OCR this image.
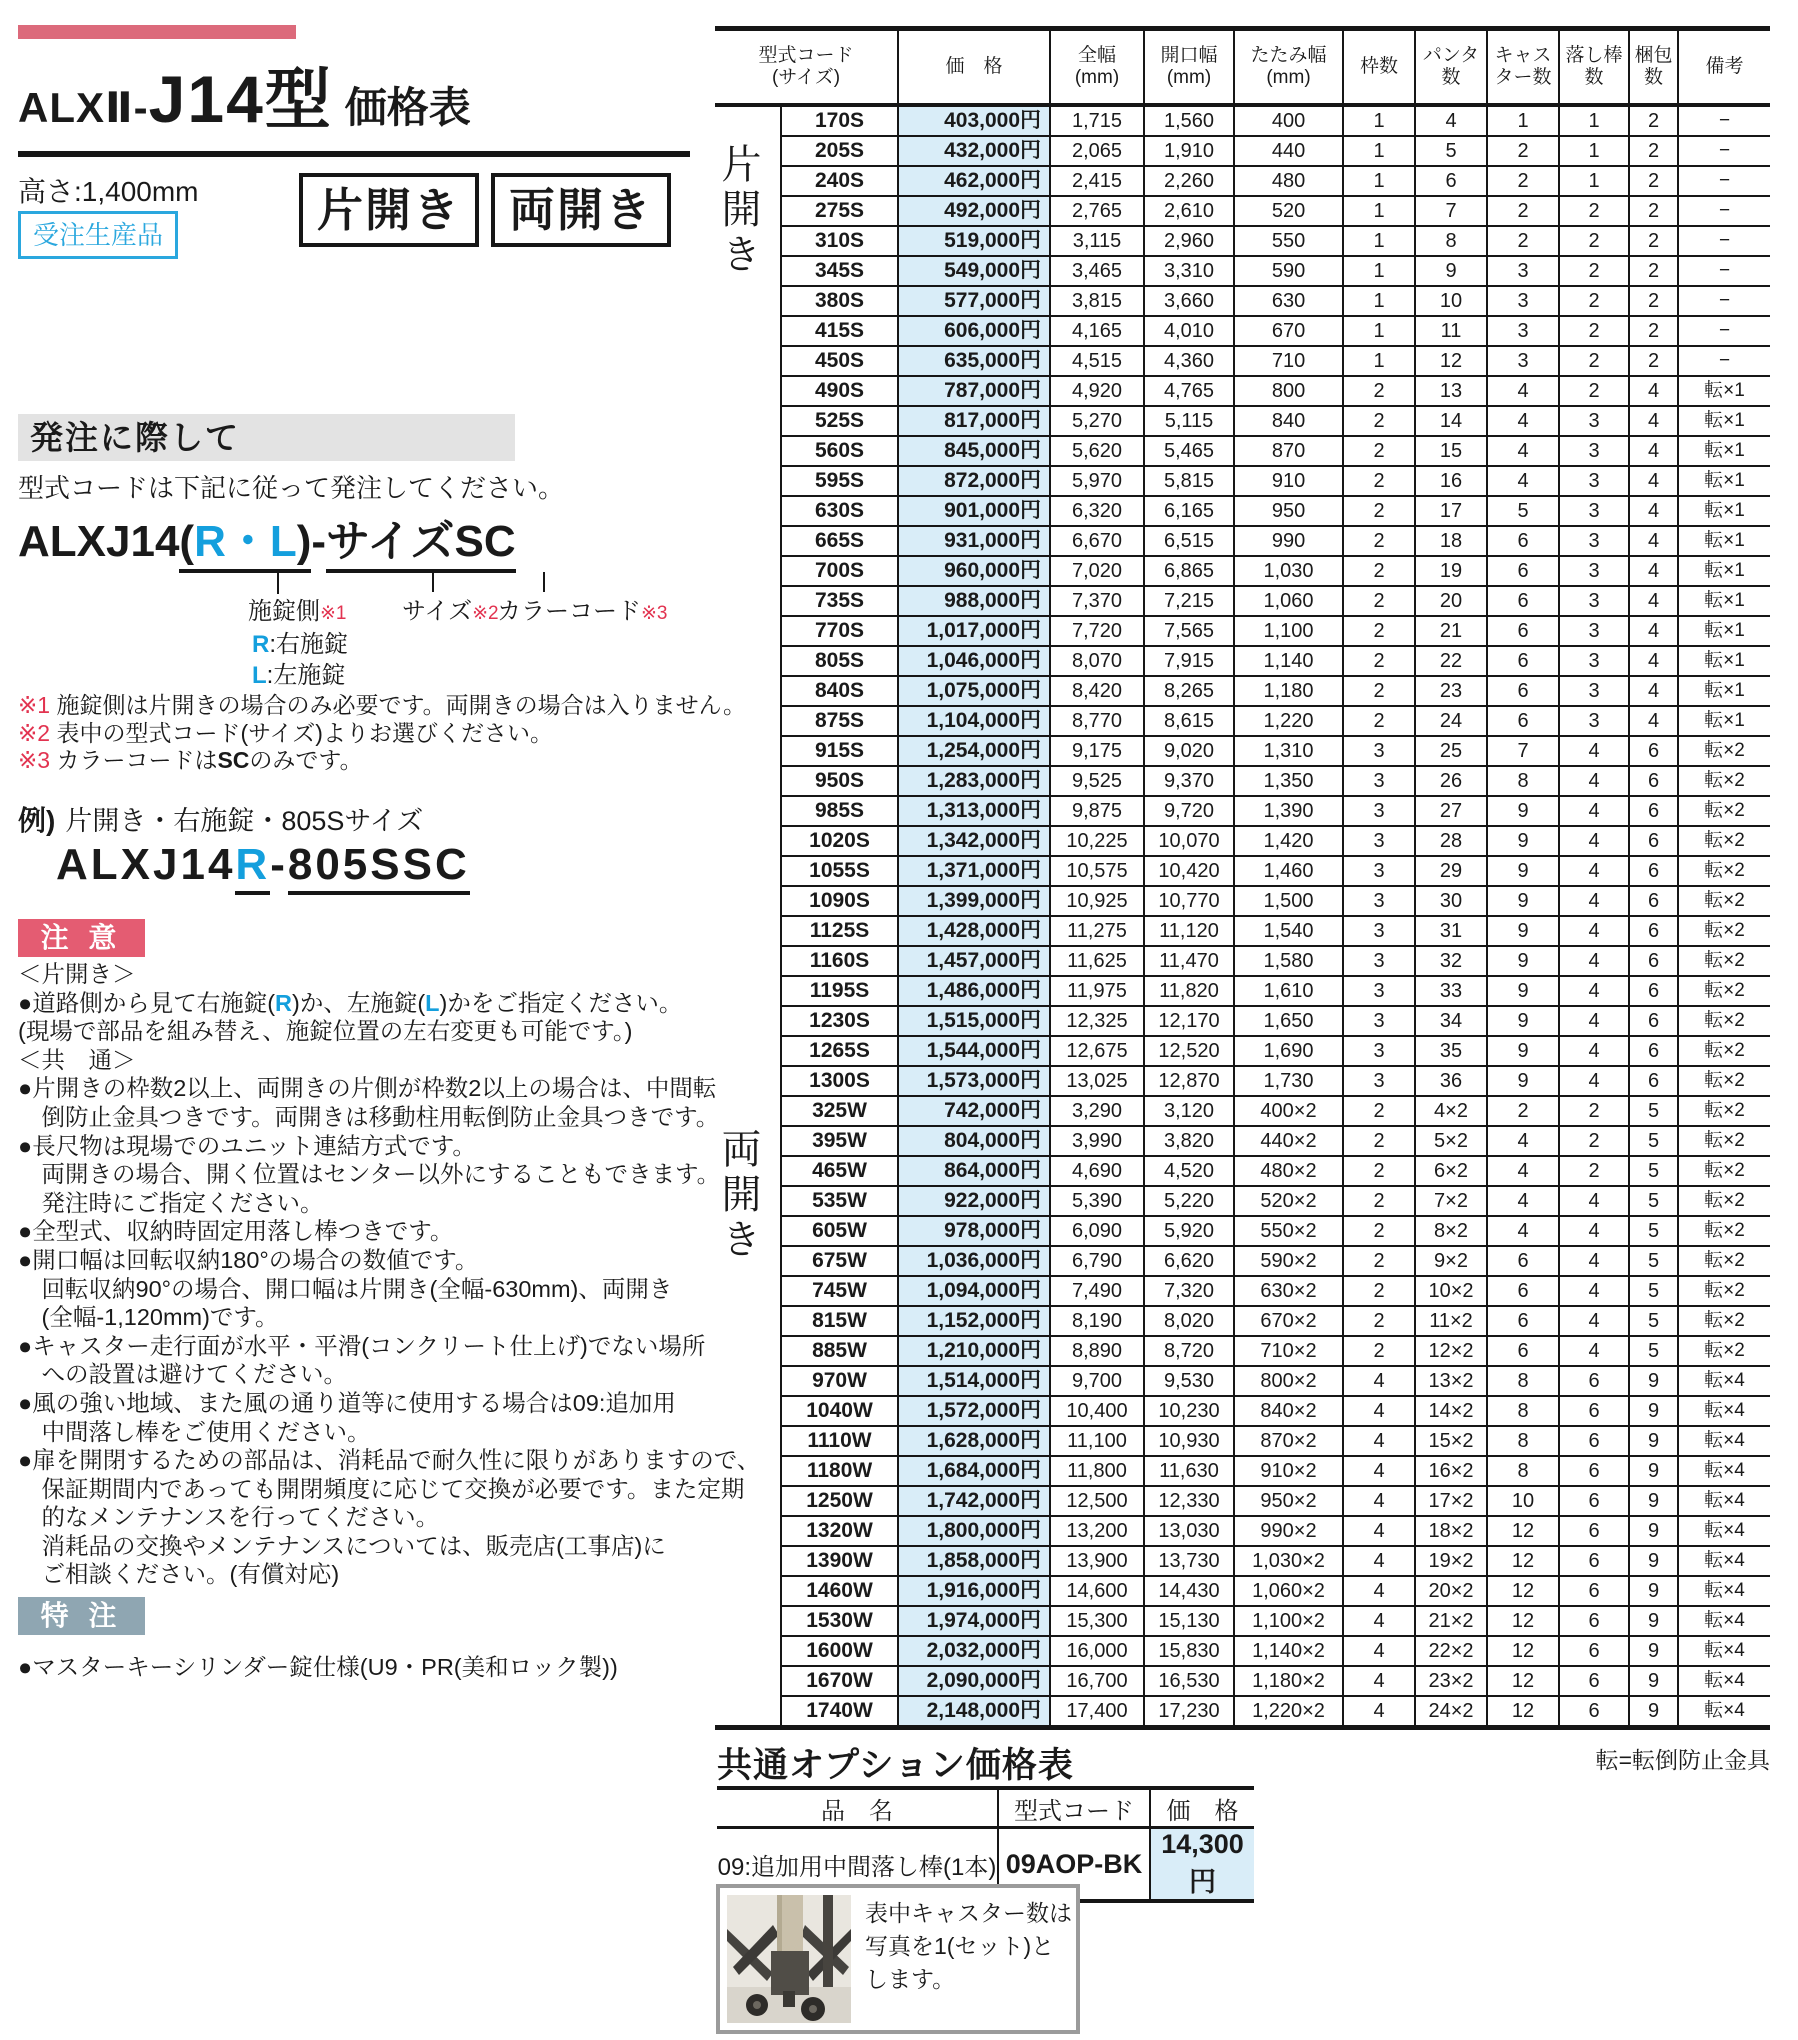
ALXⅡ- J14型 価格表
高さ:1,400mm
受注生産品	片開き	両開き
発注に際して
型式コードは下記に従って発注してください。
ALXJ14(R・L)-サイズSC
施錠側※1
R:右施錠
L:左施錠
サイズ※2
カラーコード※3
※1 施錠側は片開きの場合のみ必要です。両開きの場合は入りません。
※2 表中の型式コード(サイズ)よりお選びください。
※3 カラーコードはSCのみです。
例) 片開き・右施錠・805Sサイズ
ALXJ14R-805SSC
注 意
＜片開き＞
●道路側から見て右施錠(R)か、左施錠(L)かをご指定ください。
(現場で部品を組み替え、施錠位置の左右変更も可能です。)
＜共　通＞
●片開きの枠数2以上、両開きの片側が枠数2以上の場合は、中間転
　倒防止金具つきです。両開きは移動柱用転倒防止金具つきです。
●長尺物は現場でのユニット連結方式です。
　両開きの場合、開く位置はセンター以外にすることもできます。
　発注時にご指定ください。
●全型式、収納時固定用落し棒つきです。
●開口幅は回転収納180°の場合の数値です。
　回転収納90°の場合、開口幅は片開き(全幅-630mm)、両開き
　(全幅-1,120mm)です。
●キャスター走行面が水平・平滑(コンクリート仕上げ)でない場所
　への設置は避けてください。
●風の強い地域、また風の通り道等に使用する場合は09:追加用
　中間落し棒をご使用ください。
●扉を開閉するための部品は、消耗品で耐久性に限りがありますので、
　保証期間内であっても開閉頻度に応じて交換が必要です。また定期
　的なメンテナンスを行ってください。
　消耗品の交換やメンテナンスについては、販売店(工事店)に
　ご相談ください。(有償対応)
特 注
●マスターキーシリンダー錠仕様(U9・PR(美和ロック製))
片開き
両開き
型式コード
(サイズ)		価　格	全幅
(mm)	開口幅
(mm)	たたみ幅
(mm)	枠数	パンタ
数	キャス
ター数	落し棒
数	梱包
数	備考
	170S	403,000円	1,715	1,560	400	1	4	1	1	2	−
	205S	432,000円	2,065	1,910	440	1	5	2	1	2	−
	240S	462,000円	2,415	2,260	480	1	6	2	1	2	−
	275S	492,000円	2,765	2,610	520	1	7	2	2	2	−
	310S	519,000円	3,115	2,960	550	1	8	2	2	2	−
	345S	549,000円	3,465	3,310	590	1	9	3	2	2	−
	380S	577,000円	3,815	3,660	630	1	10	3	2	2	−
	415S	606,000円	4,165	4,010	670	1	11	3	2	2	−
	450S	635,000円	4,515	4,360	710	1	12	3	2	2	−
	490S	787,000円	4,920	4,765	800	2	13	4	2	4	転×1
	525S	817,000円	5,270	5,115	840	2	14	4	3	4	転×1
	560S	845,000円	5,620	5,465	870	2	15	4	3	4	転×1
	595S	872,000円	5,970	5,815	910	2	16	4	3	4	転×1
	630S	901,000円	6,320	6,165	950	2	17	5	3	4	転×1
	665S	931,000円	6,670	6,515	990	2	18	6	3	4	転×1
	700S	960,000円	7,020	6,865	1,030	2	19	6	3	4	転×1
	735S	988,000円	7,370	7,215	1,060	2	20	6	3	4	転×1
	770S	1,017,000円	7,720	7,565	1,100	2	21	6	3	4	転×1
	805S	1,046,000円	8,070	7,915	1,140	2	22	6	3	4	転×1
	840S	1,075,000円	8,420	8,265	1,180	2	23	6	3	4	転×1
	875S	1,104,000円	8,770	8,615	1,220	2	24	6	3	4	転×1
	915S	1,254,000円	9,175	9,020	1,310	3	25	7	4	6	転×2
	950S	1,283,000円	9,525	9,370	1,350	3	26	8	4	6	転×2
	985S	1,313,000円	9,875	9,720	1,390	3	27	9	4	6	転×2
	1020S	1,342,000円	10,225	10,070	1,420	3	28	9	4	6	転×2
	1055S	1,371,000円	10,575	10,420	1,460	3	29	9	4	6	転×2
	1090S	1,399,000円	10,925	10,770	1,500	3	30	9	4	6	転×2
	1125S	1,428,000円	11,275	11,120	1,540	3	31	9	4	6	転×2
	1160S	1,457,000円	11,625	11,470	1,580	3	32	9	4	6	転×2
	1195S	1,486,000円	11,975	11,820	1,610	3	33	9	4	6	転×2
	1230S	1,515,000円	12,325	12,170	1,650	3	34	9	4	6	転×2
	1265S	1,544,000円	12,675	12,520	1,690	3	35	9	4	6	転×2
	1300S	1,573,000円	13,025	12,870	1,730	3	36	9	4	6	転×2
	325W	742,000円	3,290	3,120	400×2	2	4×2	2	2	5	転×2
	395W	804,000円	3,990	3,820	440×2	2	5×2	4	2	5	転×2
	465W	864,000円	4,690	4,520	480×2	2	6×2	4	2	5	転×2
	535W	922,000円	5,390	5,220	520×2	2	7×2	4	4	5	転×2
	605W	978,000円	6,090	5,920	550×2	2	8×2	4	4	5	転×2
	675W	1,036,000円	6,790	6,620	590×2	2	9×2	6	4	5	転×2
	745W	1,094,000円	7,490	7,320	630×2	2	10×2	6	4	5	転×2
	815W	1,152,000円	8,190	8,020	670×2	2	11×2	6	4	5	転×2
	885W	1,210,000円	8,890	8,720	710×2	2	12×2	6	4	5	転×2
	970W	1,514,000円	9,700	9,530	800×2	4	13×2	8	6	9	転×4
	1040W	1,572,000円	10,400	10,230	840×2	4	14×2	8	6	9	転×4
	1110W	1,628,000円	11,100	10,930	870×2	4	15×2	8	6	9	転×4
	1180W	1,684,000円	11,800	11,630	910×2	4	16×2	8	6	9	転×4
	1250W	1,742,000円	12,500	12,330	950×2	4	17×2	10	6	9	転×4
	1320W	1,800,000円	13,200	13,030	990×2	4	18×2	12	6	9	転×4
	1390W	1,858,000円	13,900	13,730	1,030×2	4	19×2	12	6	9	転×4
	1460W	1,916,000円	14,600	14,430	1,060×2	4	20×2	12	6	9	転×4
	1530W	1,974,000円	15,300	15,130	1,100×2	4	21×2	12	6	9	転×4
	1600W	2,032,000円	16,000	15,830	1,140×2	4	22×2	12	6	9	転×4
	1670W	2,090,000円	16,700	16,530	1,180×2	4	23×2	12	6	9	転×4
	1740W	2,148,000円	17,400	17,230	1,220×2	4	24×2	12	6	9	転×4
転=転倒防止金具
共通オプション価格表
品　名	型式コード	価　格
09:追加用中間落し棒(1本)	09AOP-BK	14,300円
表中キャスター数は
写真を1(セット)と
します。
